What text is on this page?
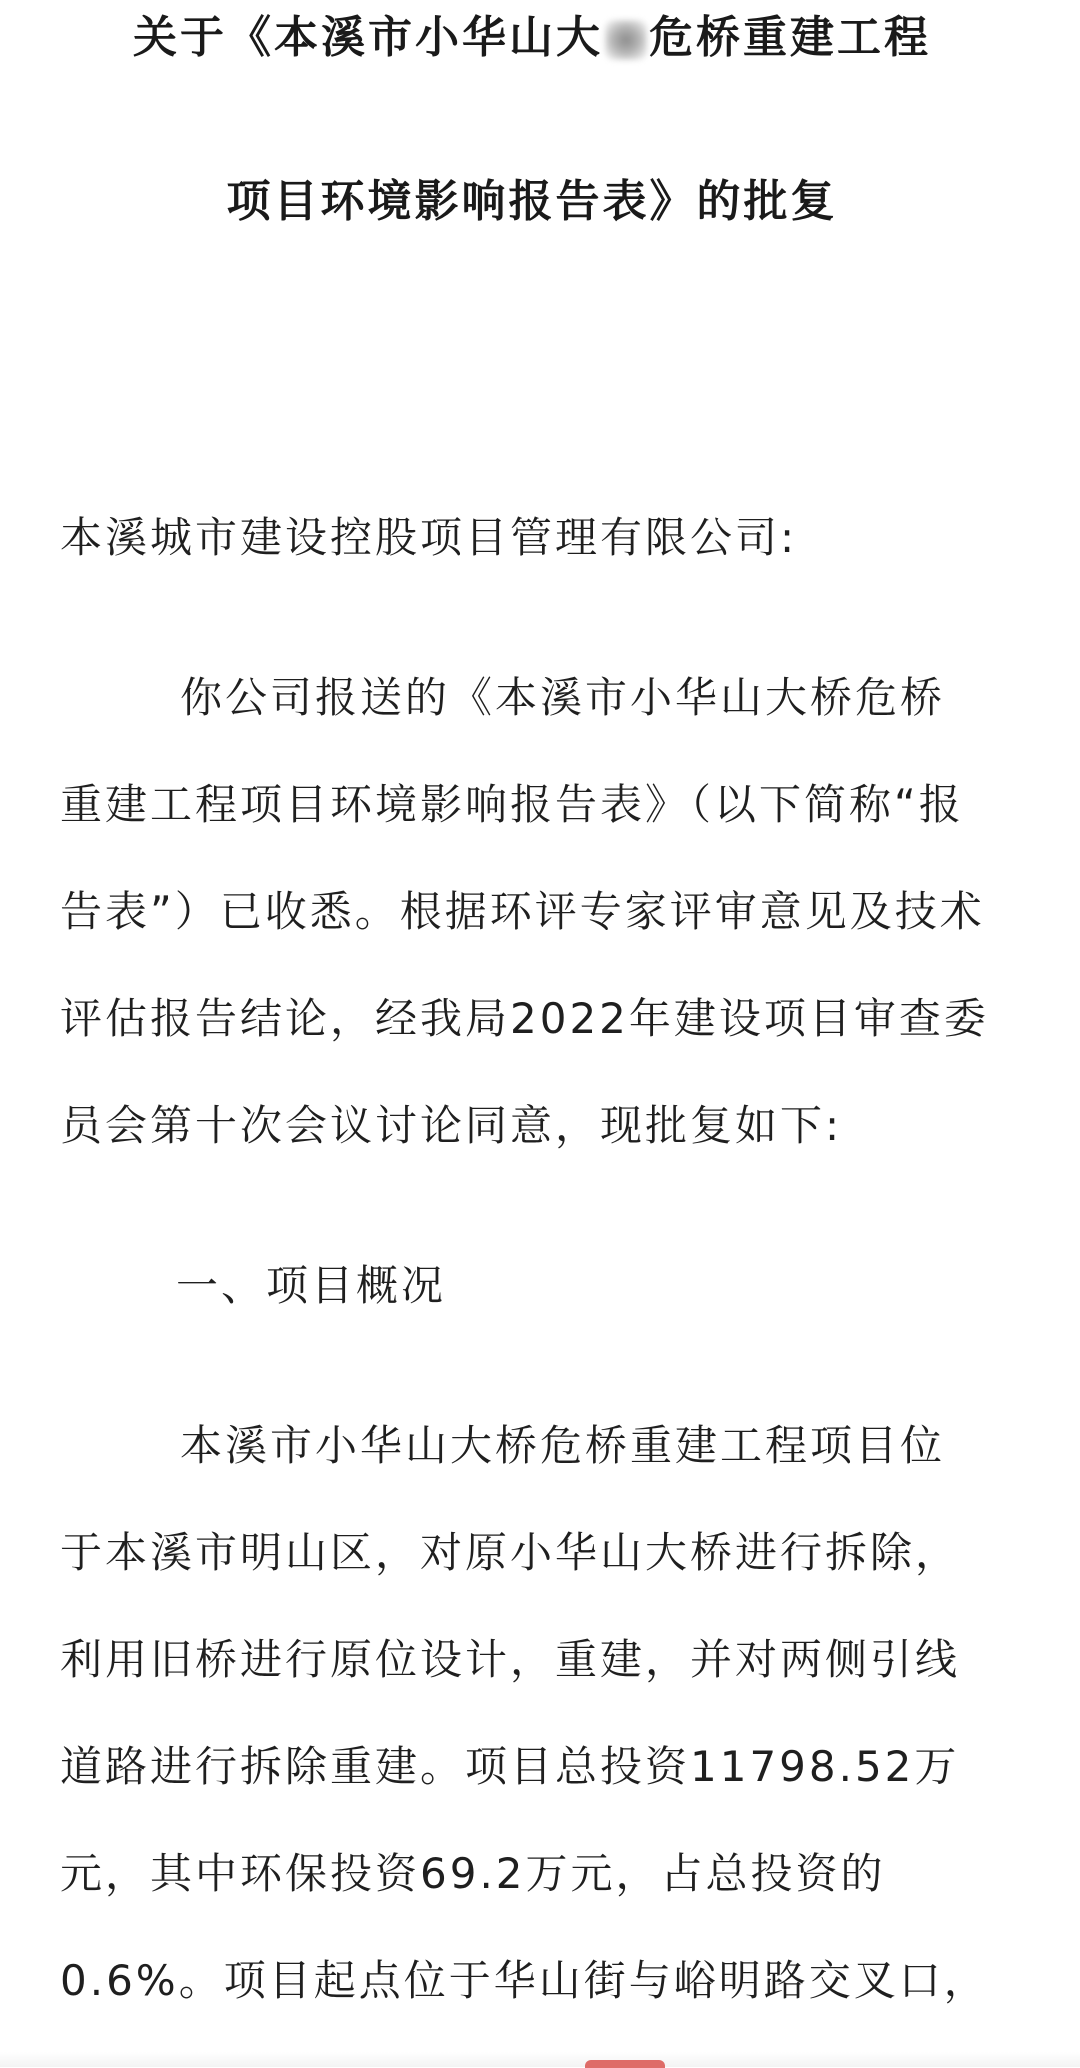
关于《本溪市小华山大 危桥重建工程
项目环境影响报告表》的批复
本溪城市建设控股项目管理有限公司:
你公司报送的《本溪市小华山大桥危桥
重建工程项目环境影响报告表》（以下简称“报
告表”）已收悉。根据环评专家评审意见及技术
评估报告结论，经我局2022年建设项目审查委
员会第十次会议讨论同意，现批复如下:
一、项目概况
本溪市小华山大桥危桥重建工程项目位
于本溪市明山区，对原小华山大桥进行拆除，
利用旧桥进行原位设计，重建，并对两侧引线
道路进行拆除重建。项目总投资11798.52万
元，其中环保投资69.2万元，占总投资的
0.6%。项目起点位于华山街与峪明路交叉口，
